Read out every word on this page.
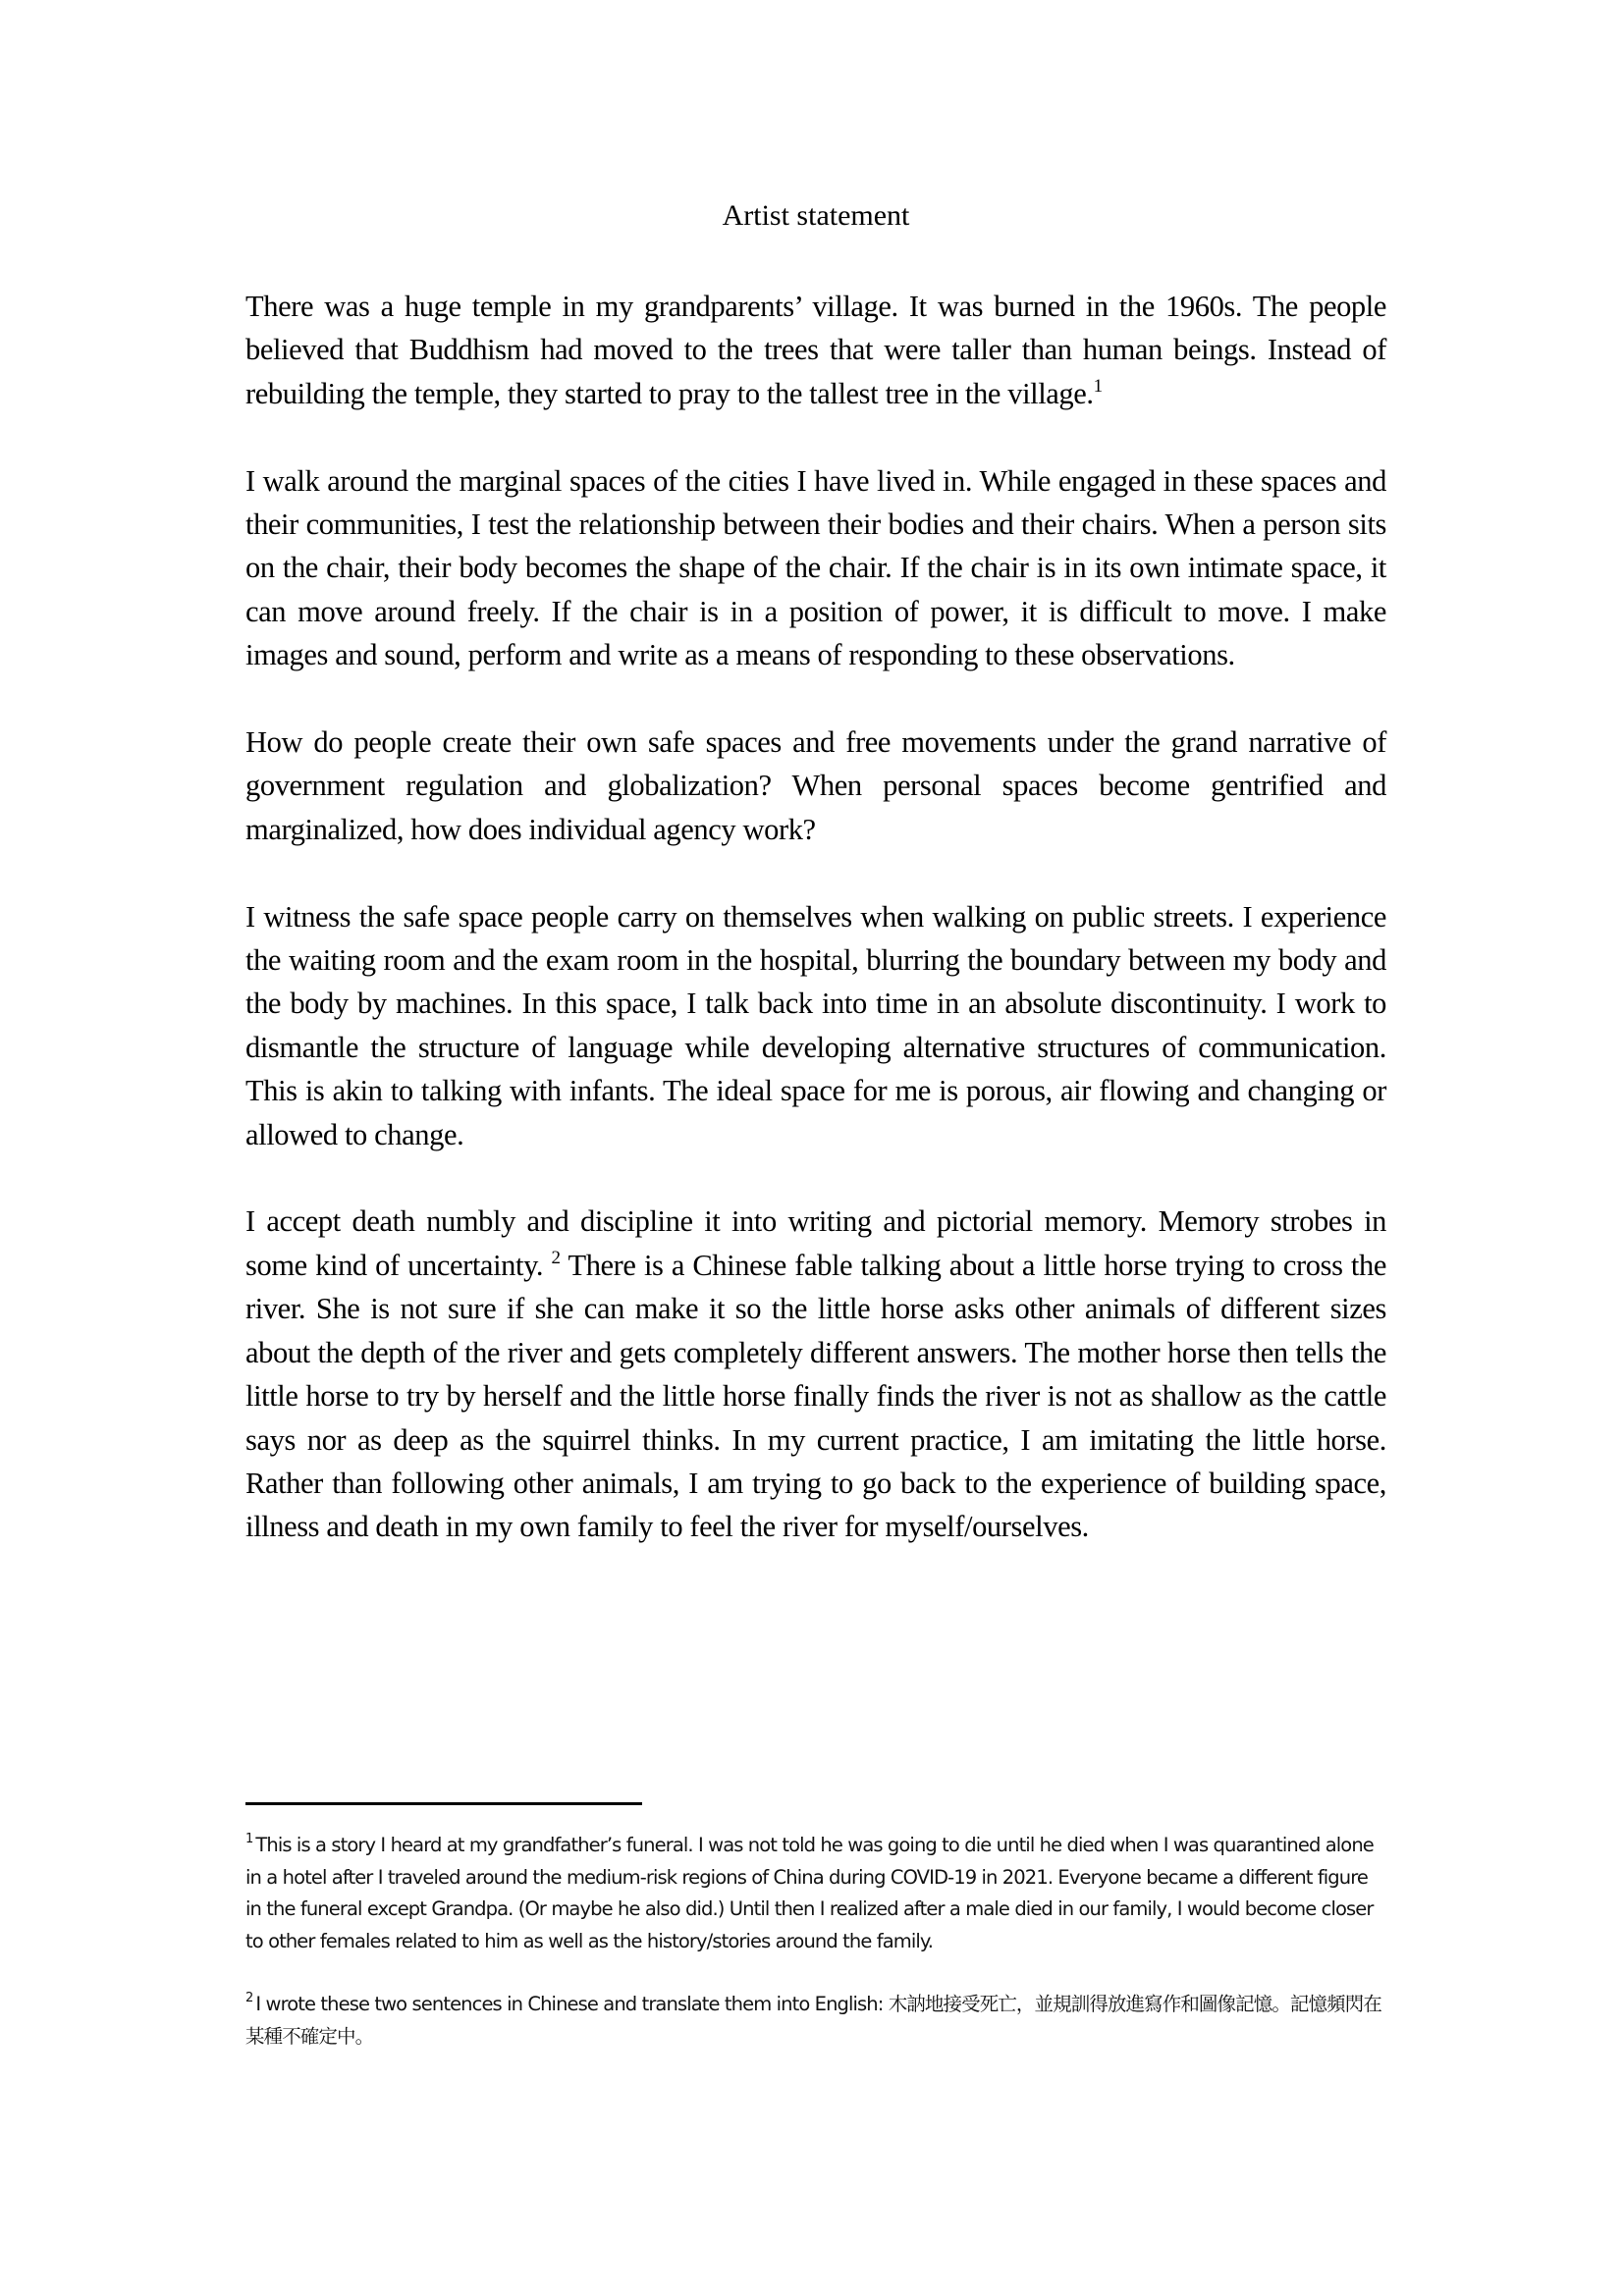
Artist statement

There was a huge temple in my grandparents’ village. It was burned in the 1960s. The people believed that Buddhism had moved to the trees that were taller than human beings. Instead of rebuilding the temple, they started to pray to the tallest tree in the village.$^1$

I walk around the marginal spaces of the cities I have lived in. While engaged in these spaces and their communities, I test the relationship between their bodies and their chairs. When a person sits on the chair, their body becomes the shape of the chair. If the chair is in its own intimate space, it can move around freely. If the chair is in a position of power, it is difficult to move. I make images and sound, perform and write as a means of responding to these observations.

How do people create their own safe spaces and free movements under the grand narrative of government regulation and globalization? When personal spaces become gentrified and marginalized, how does individual agency work?

I witness the safe space people carry on themselves when walking on public streets. I experience the waiting room and the exam room in the hospital, blurring the boundary between my body and the body by machines. In this space, I talk back into time in an absolute discontinuity. I work to dismantle the structure of language while developing alternative structures of communication. This is akin to talking with infants. The ideal space for me is porous, air flowing and changing or allowed to change.

I accept death numbly and discipline it into writing and pictorial memory. Memory strobes in some kind of uncertainty. $^2$ There is a Chinese fable talking about a little horse trying to cross the river. She is not sure if she can make it so the little horse asks other animals of different sizes about the depth of the river and gets completely different answers. The mother horse then tells the little horse to try by herself and the little horse finally finds the river is not as shallow as the cattle says nor as deep as the squirrel thinks. In my current practice, I am imitating the little horse. Rather than following other animals, I am trying to go back to the experience of building space, illness and death in my own family to feel the river for myself/ourselves.

$^1$ This is a story I heard at my grandfather’s funeral. I was not told he was going to die until he died when I was quarantined alone in a hotel after I traveled around the medium-risk regions of China during COVID-19 in 2021. Everyone became a different figure in the funeral except Grandpa. (Or maybe he also did.) Until then I realized after a male died in our family, I would become closer to other females related to him as well as the history/stories around the family.

$^2$ I wrote these two sentences in Chinese and translate them into English: 木訥地接受死亡，並規訓得放進寫作和圖像記憶。記憶頻閃在某種不確定中。
